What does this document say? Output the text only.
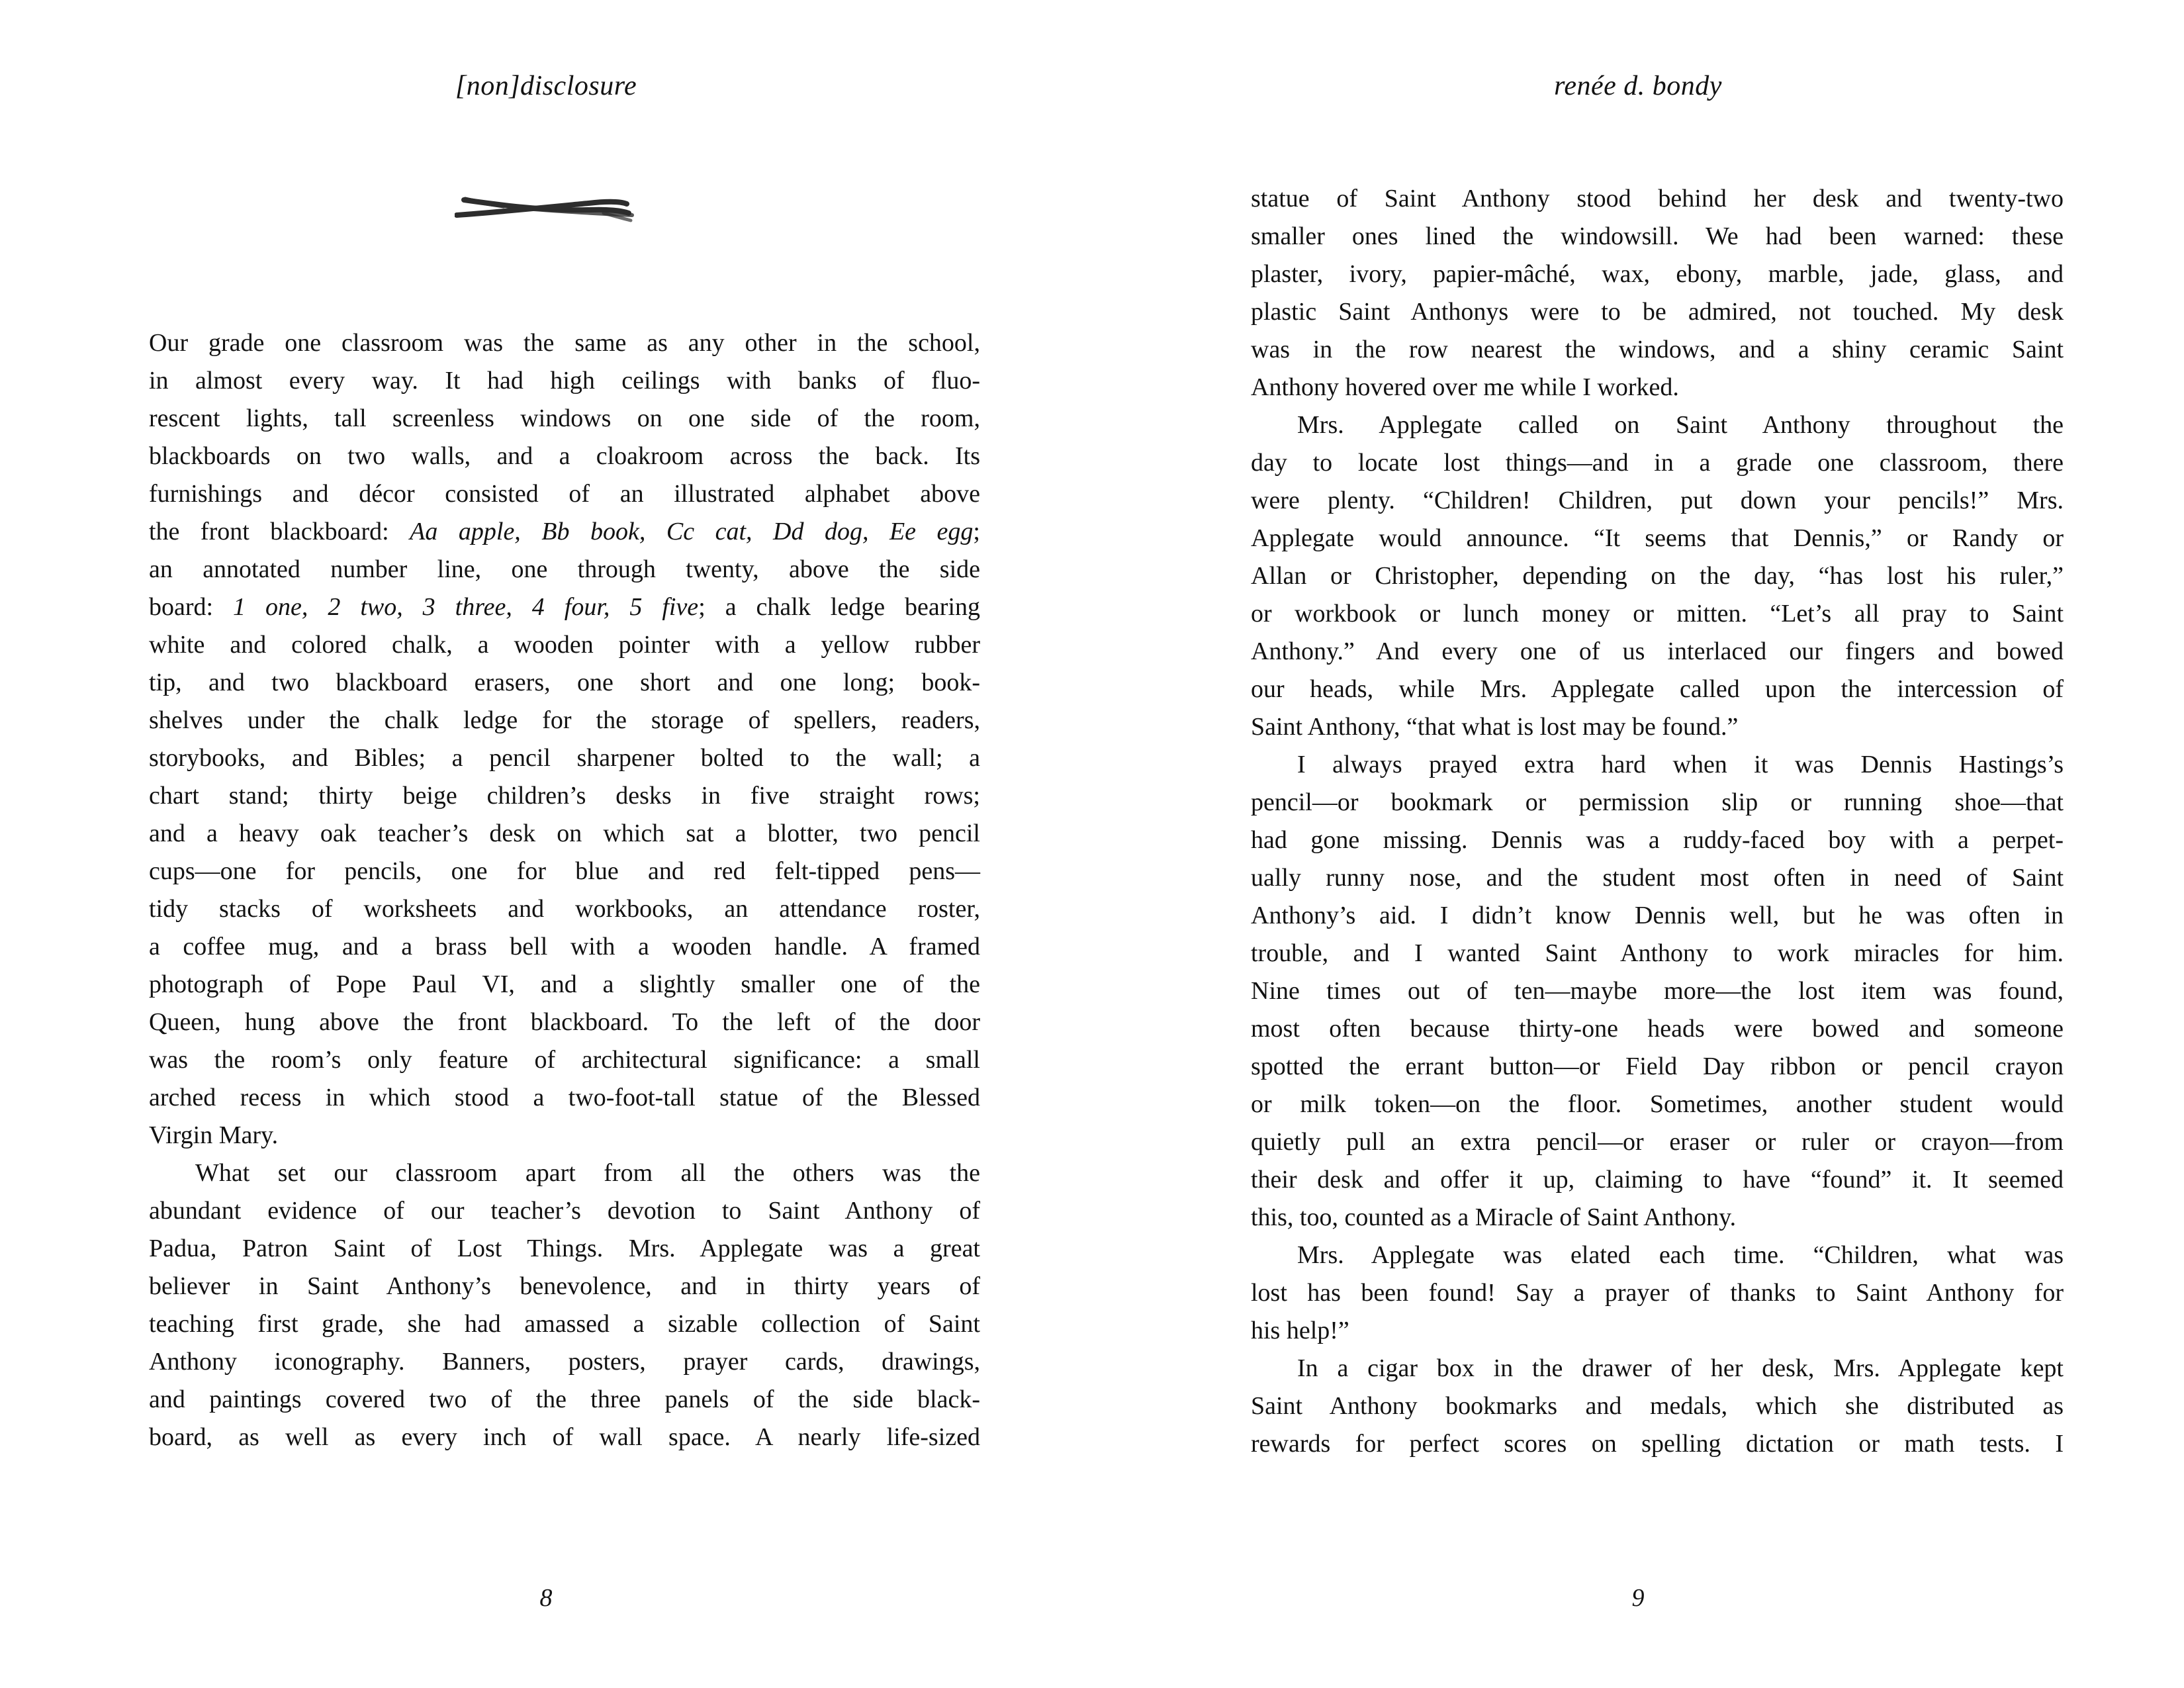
[non]disclosure
Our grade one classroom was the same as any other in the school,
in almost every way. It had high ceilings with banks of fluo-
rescent lights, tall screenless windows on one side of the room,
blackboards on two walls, and a cloakroom across the back. Its
furnishings and décor consisted of an illustrated alphabet above
the front blackboard: Aa apple, Bb book, Cc cat, Dd dog, Ee egg;
an annotated number line, one through twenty, above the side
board: 1 one, 2 two, 3 three, 4 four, 5 five; a chalk ledge bearing
white and colored chalk, a wooden pointer with a yellow rubber
tip, and two blackboard erasers, one short and one long; book-
shelves under the chalk ledge for the storage of spellers, readers,
storybooks, and Bibles; a pencil sharpener bolted to the wall; a
chart stand; thirty beige children’s desks in five straight rows;
and a heavy oak teacher’s desk on which sat a blotter, two pencil
cups—one for pencils, one for blue and red felt-tipped pens—
tidy stacks of worksheets and workbooks, an attendance roster,
a coffee mug, and a brass bell with a wooden handle. A framed
photograph of Pope Paul VI, and a slightly smaller one of the
Queen, hung above the front blackboard. To the left of the door
was the room’s only feature of architectural significance: a small
arched recess in which stood a two-foot-tall statue of the Blessed
Virgin Mary.
What set our classroom apart from all the others was the
abundant evidence of our teacher’s devotion to Saint Anthony of
Padua, Patron Saint of Lost Things. Mrs. Applegate was a great
believer in Saint Anthony’s benevolence, and in thirty years of
teaching first grade, she had amassed a sizable collection of Saint
Anthony iconography. Banners, posters, prayer cards, drawings,
and paintings covered two of the three panels of the side black-
board, as well as every inch of wall space. A nearly life-sized
8
renée d. bondy
statue of Saint Anthony stood behind her desk and twenty-two
smaller ones lined the windowsill. We had been warned: these
plaster, ivory, papier-mâché, wax, ebony, marble, jade, glass, and
plastic Saint Anthonys were to be admired, not touched. My desk
was in the row nearest the windows, and a shiny ceramic Saint
Anthony hovered over me while I worked.
Mrs. Applegate called on Saint Anthony throughout the
day to locate lost things—and in a grade one classroom, there
were plenty. “Children! Children, put down your pencils!” Mrs.
Applegate would announce. “It seems that Dennis,” or Randy or
Allan or Christopher, depending on the day, “has lost his ruler,”
or workbook or lunch money or mitten. “Let’s all pray to Saint
Anthony.” And every one of us interlaced our fingers and bowed
our heads, while Mrs. Applegate called upon the intercession of
Saint Anthony, “that what is lost may be found.”
I always prayed extra hard when it was Dennis Hastings’s
pencil—or bookmark or permission slip or running shoe—that
had gone missing. Dennis was a ruddy-faced boy with a perpet-
ually runny nose, and the student most often in need of Saint
Anthony’s aid. I didn’t know Dennis well, but he was often in
trouble, and I wanted Saint Anthony to work miracles for him.
Nine times out of ten—maybe more—the lost item was found,
most often because thirty-one heads were bowed and someone
spotted the errant button—or Field Day ribbon or pencil crayon
or milk token—on the floor. Sometimes, another student would
quietly pull an extra pencil—or eraser or ruler or crayon—from
their desk and offer it up, claiming to have “found” it. It seemed
this, too, counted as a Miracle of Saint Anthony.
Mrs. Applegate was elated each time. “Children, what was
lost has been found! Say a prayer of thanks to Saint Anthony for
his help!”
In a cigar box in the drawer of her desk, Mrs. Applegate kept
Saint Anthony bookmarks and medals, which she distributed as
rewards for perfect scores on spelling dictation or math tests. I
9
